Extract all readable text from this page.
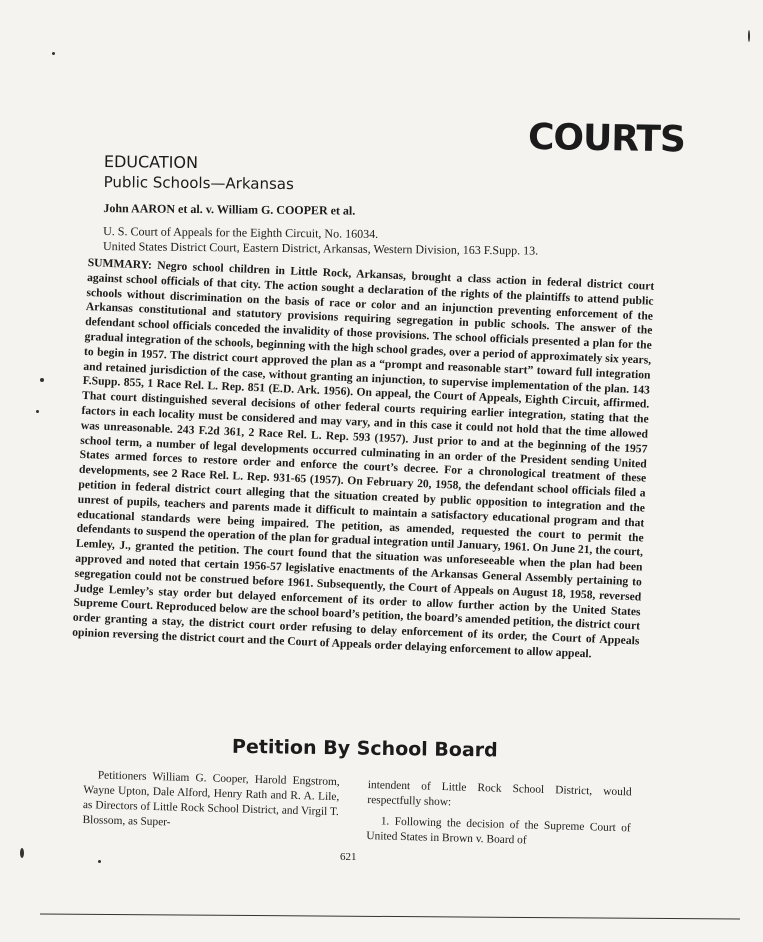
COURTS
EDUCATION
Public Schools—Arkansas
John AARON et al. v. William G. COOPER et al.
U. S. Court of Appeals for the Eighth Circuit, No. 16034.
United States District Court, Eastern District, Arkansas, Western Division, 163 F.Supp. 13.
SUMMARY: Negro school children in Little Rock, Arkansas, brought a class action in federal district court against school officials of that city. The action sought a declaration of the rights of the plaintiffs to attend public schools without discrimination on the basis of race or color and an injunction preventing enforcement of the Arkansas constitutional and statutory provisions requiring segregation in public schools. The answer of the defendant school officials conceded the invalidity of those provisions. The school officials presented a plan for the gradual integration of the schools, beginning with the high school grades, over a period of approximately six years, to begin in 1957. The district court approved the plan as a “prompt and reasonable start” toward full integration and retained jurisdiction of the case, without granting an injunction, to supervise implementation of the plan. 143 F.Supp. 855, 1 Race Rel. L. Rep. 851 (E.D. Ark. 1956). On appeal, the Court of Appeals, Eighth Circuit, affirmed. That court distinguished several decisions of other federal courts requiring earlier integration, stating that the factors in each locality must be considered and may vary, and in this case it could not hold that the time allowed was unreasonable. 243 F.2d 361, 2 Race Rel. L. Rep. 593 (1957). Just prior to and at the beginning of the 1957 school term, a number of legal developments occurred culminating in an order of the President sending United States armed forces to restore order and enforce the court’s decree. For a chronological treatment of these developments, see 2 Race Rel. L. Rep. 931-65 (1957). On February 20, 1958, the defendant school officials filed a petition in federal district court alleging that the situation created by public opposition to integration and the unrest of pupils, teachers and parents made it difficult to maintain a satisfactory educational program and that educational standards were being impaired. The petition, as amended, requested the court to permit the defendants to suspend the operation of the plan for gradual integration until January, 1961. On June 21, the court, Lemley, J., granted the petition. The court found that the situation was unforeseeable when the plan had been approved and noted that certain 1956-57 legislative enactments of the Arkansas General Assembly pertaining to segregation could not be construed before 1961. Subsequently, the Court of Appeals on August 18, 1958, reversed Judge Lemley’s stay order but delayed enforcement of its order to allow further action by the United States Supreme Court. Reproduced below are the school board’s petition, the board’s amended petition, the district court order granting a stay, the district court order refusing to delay enforcement of its order, the Court of Appeals opinion reversing the district court and the Court of Appeals order delaying enforcement to allow appeal.
Petition By School Board

Petitioners William G. Cooper, Harold Engstrom, Wayne Upton, Dale Alford, Henry Rath and R. A. Lile, as Directors of Little Rock School District, and Virgil T. Blossom, as Super-

intendent of Little Rock School District, would respectfully show:

1. Following the decision of the Supreme Court of United States in Brown v. Board of

621
